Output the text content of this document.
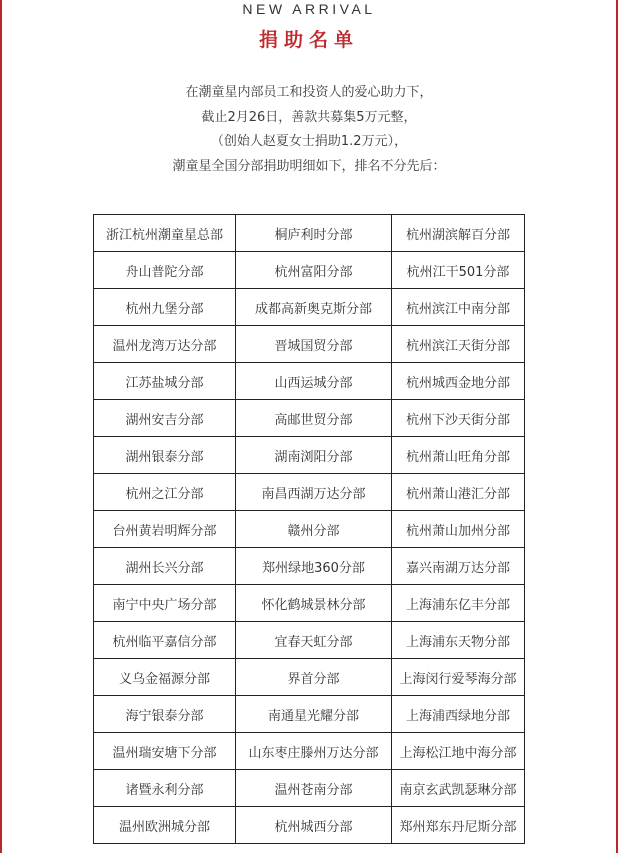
NEW ARRIVAL
捐助名单
在潮童星内部员工和投资人的爱心助力下，
截止2月26日，善款共募集5万元整，
（创始人赵夏女士捐助1.2万元），
潮童星全国分部捐助明细如下，排名不分先后：
浙江杭州潮童星总部	桐庐利时分部	杭州湖滨解百分部
舟山普陀分部	杭州富阳分部	杭州江干501分部
杭州九堡分部	成都高新奥克斯分部	杭州滨江中南分部
温州龙湾万达分部	晋城国贸分部	杭州滨江天街分部
江苏盐城分部	山西运城分部	杭州城西金地分部
湖州安吉分部	高邮世贸分部	杭州下沙天街分部
湖州银泰分部	湖南浏阳分部	杭州萧山旺角分部
杭州之江分部	南昌西湖万达分部	杭州萧山港汇分部
台州黄岩明辉分部	赣州分部	杭州萧山加州分部
湖州长兴分部	郑州绿地360分部	嘉兴南湖万达分部
南宁中央广场分部	怀化鹤城景林分部	上海浦东亿丰分部
杭州临平嘉信分部	宜春天虹分部	上海浦东天物分部
义乌金福源分部	界首分部	上海闵行爱琴海分部
海宁银泰分部	南通星光耀分部	上海浦西绿地分部
温州瑞安塘下分部	山东枣庄滕州万达分部	上海松江地中海分部
诸暨永利分部	温州苍南分部	南京玄武凯瑟琳分部
温州欧洲城分部	杭州城西分部	郑州郑东丹尼斯分部
